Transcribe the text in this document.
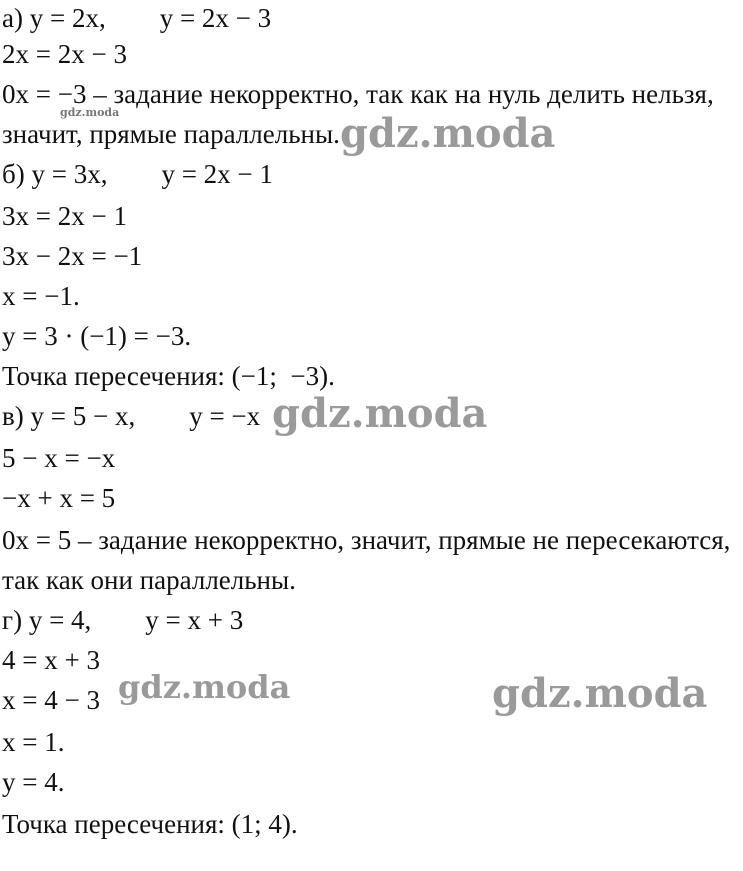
а) y = 2x,        y = 2x − 3

2x = 2x − 3

0x = −3 – задание некорректно, так как на нуль делить нельзя,

значит, прямые параллельны.

б) y = 3x,        y = 2x − 1

3x = 2x − 1

3x − 2x = −1

x = −1.

y = 3 · (−1) = −3.

Точка пересечения: (−1;  −3).

в) y = 5 − x,        y = −x

5 − x = −x

−x + x = 5

0x = 5 – задание некорректно, значит, прямые не пересекаются,

так как они параллельны.

г) y = 4,        y = x + 3

4 = x + 3

x = 4 − 3

x = 1.

y = 4.

Точка пересечения: (1; 4).

gdz.moda	gdz.moda
gdz.moda
gdz.moda	gdz.moda
